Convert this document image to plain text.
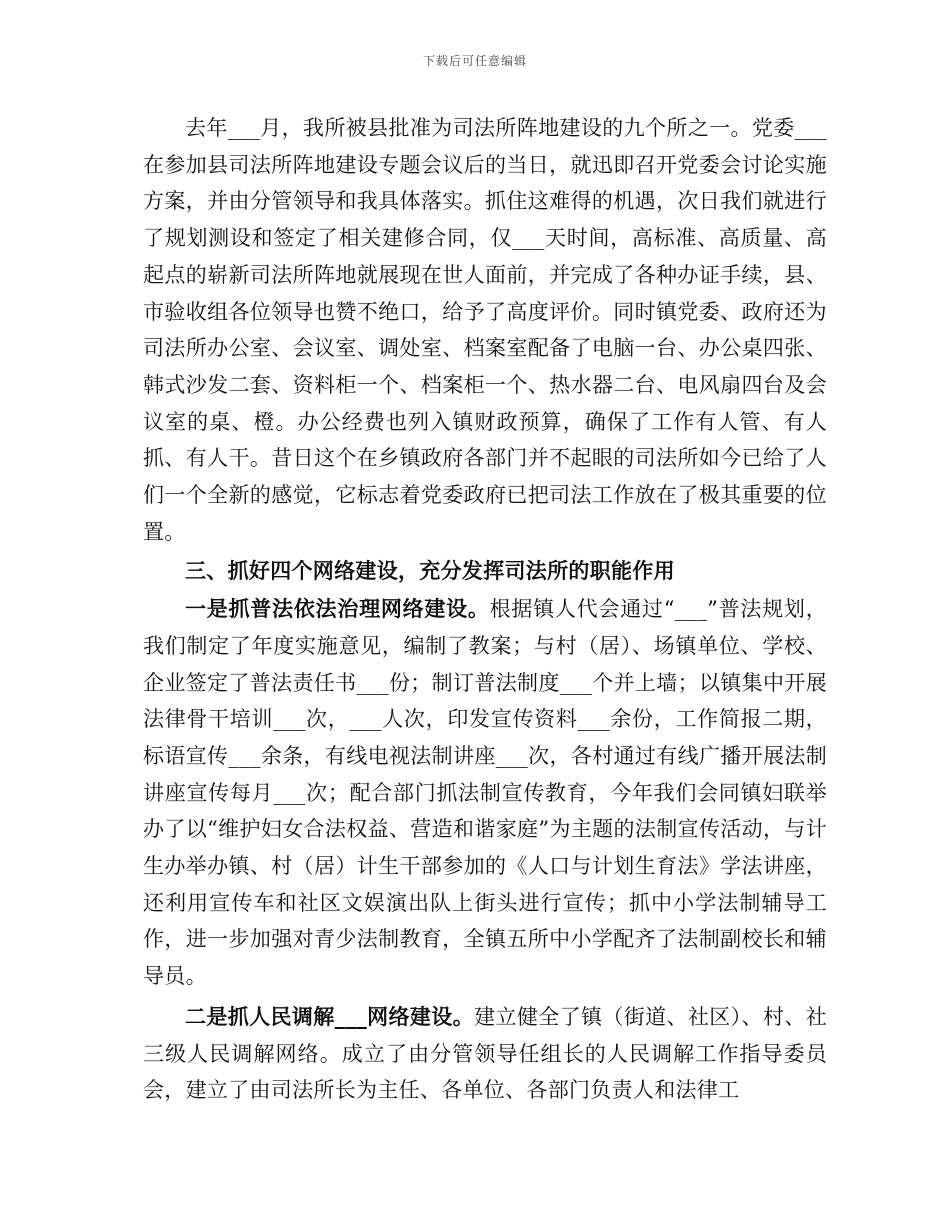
下载后可任意编辑

去年___月，我所被县批准为司法所阵地建设的九个所之一。党委___在参加县司法所阵地建设专题会议后的当日，就迅即召开党委会讨论实施方案，并由分管领导和我具体落实。抓住这难得的机遇，次日我们就进行了规划测设和签定了相关建修合同，仅___天时间，高标准、高质量、高起点的崭新司法所阵地就展现在世人面前，并完成了各种办证手续，县、市验收组各位领导也赞不绝口，给予了高度评价。同时镇党委、政府还为司法所办公室、会议室、调处室、档案室配备了电脑一台、办公桌四张、韩式沙发二套、资料柜一个、档案柜一个、热水器二台、电风扇四台及会议室的桌、橙。办公经费也列入镇财政预算，确保了工作有人管、有人抓、有人干。昔日这个在乡镇政府各部门并不起眼的司法所如今已给了人们一个全新的感觉，它标志着党委政府已把司法工作放在了极其重要的位置。

三、抓好四个网络建设，充分发挥司法所的职能作用

一是抓普法依法治理网络建设。根据镇人代会通过“___”普法规划，我们制定了年度实施意见，编制了教案；与村（居）、场镇单位、学校、企业签定了普法责任书___份；制订普法制度___个并上墙；以镇集中开展法律骨干培训___次，___人次，印发宣传资料___余份，工作简报二期，标语宣传___余条，有线电视法制讲座___次，各村通过有线广播开展法制讲座宣传每月___次；配合部门抓法制宣传教育，今年我们会同镇妇联举办了以“维护妇女合法权益、营造和谐家庭”为主题的法制宣传活动，与计生办举办镇、村（居）计生干部参加的《人口与计划生育法》学法讲座，还利用宣传车和社区文娱演出队上街头进行宣传；抓中小学法制辅导工作，进一步加强对青少法制教育，全镇五所中小学配齐了法制副校长和辅导员。

二是抓人民调解___网络建设。建立健全了镇（街道、社区）、村、社三级人民调解网络。成立了由分管领导任组长的人民调解工作指导委员会，建立了由司法所长为主任、各单位、各部门负责人和法律工
